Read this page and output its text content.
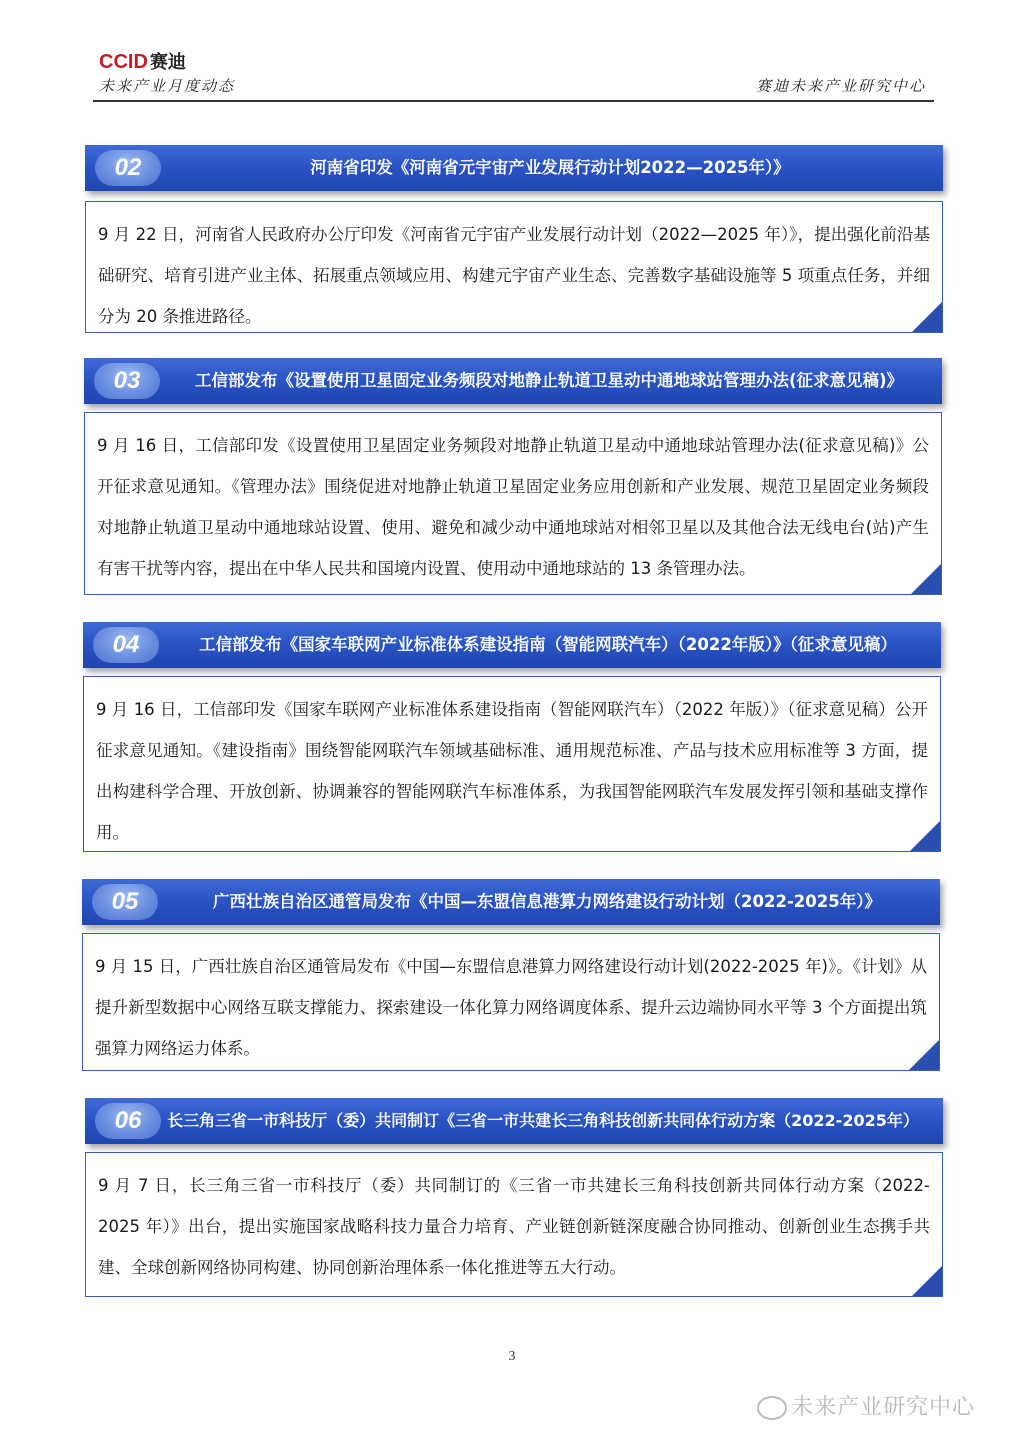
CCID 赛迪
未来产业月度动态	赛迪未来产业研究中心
02	河南省印发《河南省元宇宙产业发展行动计划2022—2025年）》
9 月 22 日，河南省人民政府办公厅印发《河南省元宇宙产业发展行动计划（2022—2025 年）》，提出强化前沿基础研究、培育引进产业主体、拓展重点领域应用、构建元宇宙产业生态、完善数字基础设施等 5 项重点任务，并细分为 20 条推进路径。
03	工信部发布《设置使用卫星固定业务频段对地静止轨道卫星动中通地球站管理办法(征求意见稿)》
9 月 16 日，工信部印发《设置使用卫星固定业务频段对地静止轨道卫星动中通地球站管理办法(征求意见稿)》公开征求意见通知。《管理办法》围绕促进对地静止轨道卫星固定业务应用创新和产业发展、规范卫星固定业务频段对地静止轨道卫星动中通地球站设置、使用、避免和减少动中通地球站对相邻卫星以及其他合法无线电台(站)产生有害干扰等内容，提出在中华人民共和国境内设置、使用动中通地球站的 13 条管理办法。
04	工信部发布《国家车联网产业标准体系建设指南（智能网联汽车）（2022年版）》（征求意见稿）
9 月 16 日，工信部印发《国家车联网产业标准体系建设指南（智能网联汽车）（2022 年版）》（征求意见稿）公开征求意见通知。《建设指南》围绕智能网联汽车领域基础标准、通用规范标准、产品与技术应用标准等 3 方面，提出构建科学合理、开放创新、协调兼容的智能网联汽车标准体系，为我国智能网联汽车发展发挥引领和基础支撑作用。
05	广西壮族自治区通管局发布《中国—东盟信息港算力网络建设行动计划（2022-2025年）》
9 月 15 日，广西壮族自治区通管局发布《中国—东盟信息港算力网络建设行动计划(2022-2025 年)》。《计划》从提升新型数据中心网络互联支撑能力、探索建设一体化算力网络调度体系、提升云边端协同水平等 3 个方面提出筑强算力网络运力体系。
06	长三角三省一市科技厅（委）共同制订《三省一市共建长三角科技创新共同体行动方案（2022-2025年）
9 月 7 日，长三角三省一市科技厅（委）共同制订的《三省一市共建长三角科技创新共同体行动方案（2022-2025 年）》出台，提出实施国家战略科技力量合力培育、产业链创新链深度融合协同推动、创新创业生态携手共建、全球创新网络协同构建、协同创新治理体系一体化推进等五大行动。
3
未来产业研究中心
